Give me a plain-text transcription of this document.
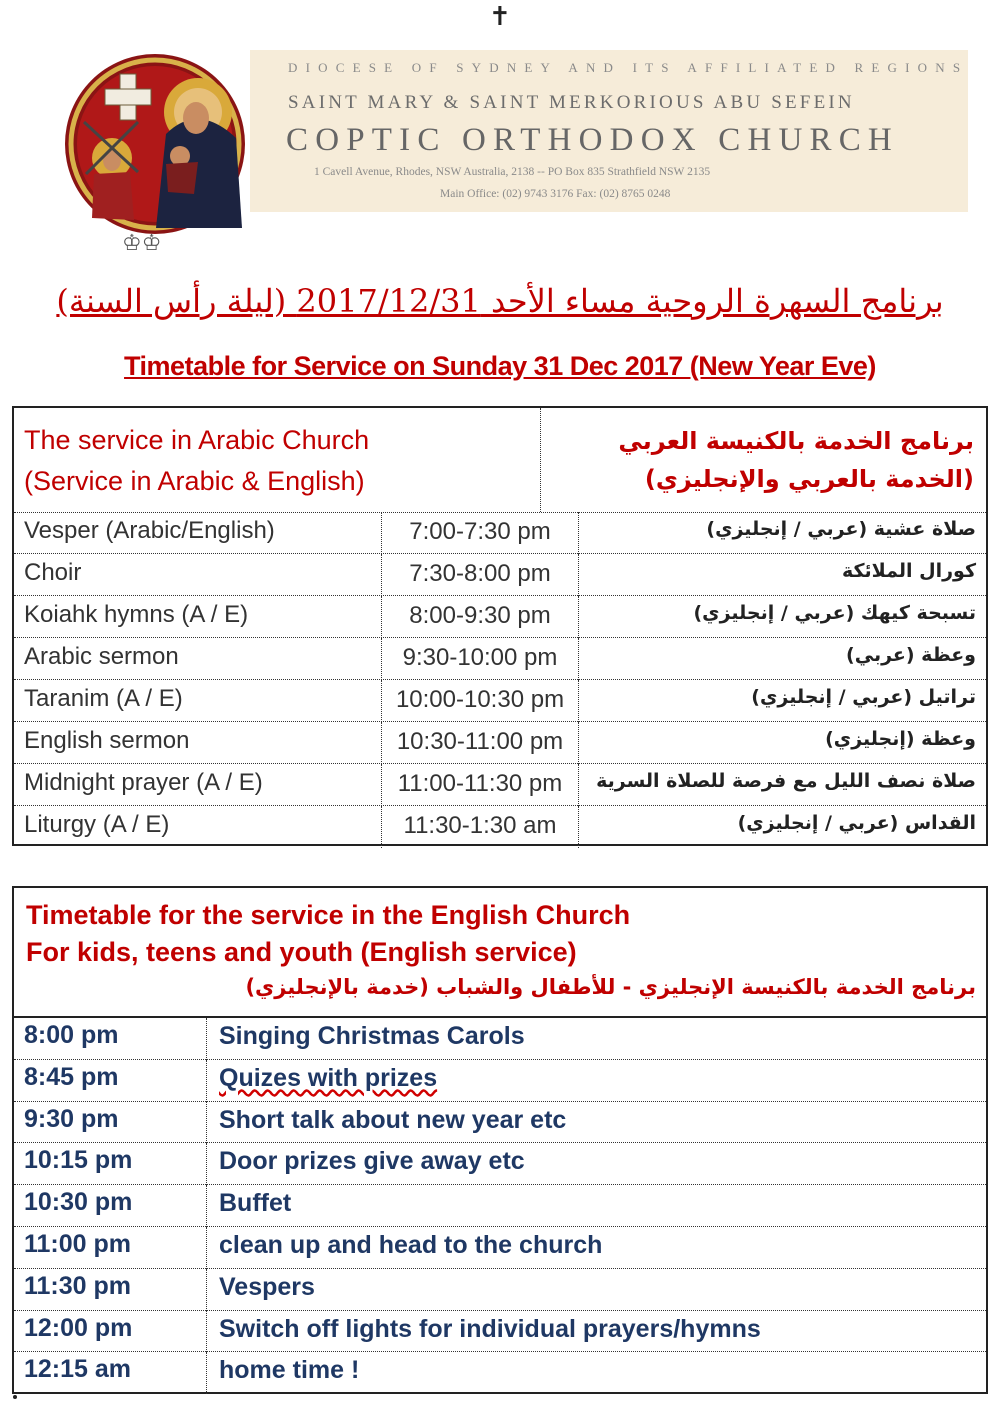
✝
♔♔
DIOCESE OF SYDNEY AND ITS AFFILIATED REGIONS
SAINT MARY & SAINT MERKORIOUS ABU SEFEIN
COPTIC ORTHODOX CHURCH
1 Cavell Avenue, Rhodes, NSW Australia, 2138 -- PO Box 835 Strathfield NSW 2135
Main Office: (02) 9743 3176 Fax: (02) 8765 0248
برنامج السهرة الروحية مساء الأحد 2017/12/31 (ليلة رأس السنة)
Timetable for Service on Sunday 31 Dec 2017 (New Year Eve)
The service in Arabic Church
(Service in Arabic & English)
برنامج الخدمة بالكنيسة العربي
(الخدمة بالعربي والإنجليزي)
Vesper (Arabic/English)	7:00-7:30 pm	صلاة عشية (عربي / إنجليزي)
Choir	7:30-8:00 pm	كورال الملائكة
Koiahk hymns (A / E)	8:00-9:30 pm	تسبحة كيهك (عربي / إنجليزي)
Arabic sermon	9:30-10:00 pm	وعظة (عربي)
Taranim (A / E)	10:00-10:30 pm	تراتيل (عربي / إنجليزي)
English sermon	10:30-11:00 pm	وعظة (إنجليزي)
Midnight prayer (A / E)	11:00-11:30 pm	صلاة نصف الليل مع فرصة للصلاة السرية
Liturgy (A / E)	11:30-1:30 am	القداس (عربي / إنجليزي)
Timetable for the service in the English Church
For kids, teens and youth (English service)
برنامج الخدمة بالكنيسة الإنجليزي - للأطفال والشباب (خدمة بالإنجليزي)
8:00 pm	Singing Christmas Carols
8:45 pm	Quizes with prizes
9:30 pm	Short talk about new year etc
10:15 pm	Door prizes give away etc
10:30 pm	Buffet
11:00 pm	clean up and head to the church
11:30 pm	Vespers
12:00 pm	Switch off lights for individual prayers/hymns
12:15 am	home time !
